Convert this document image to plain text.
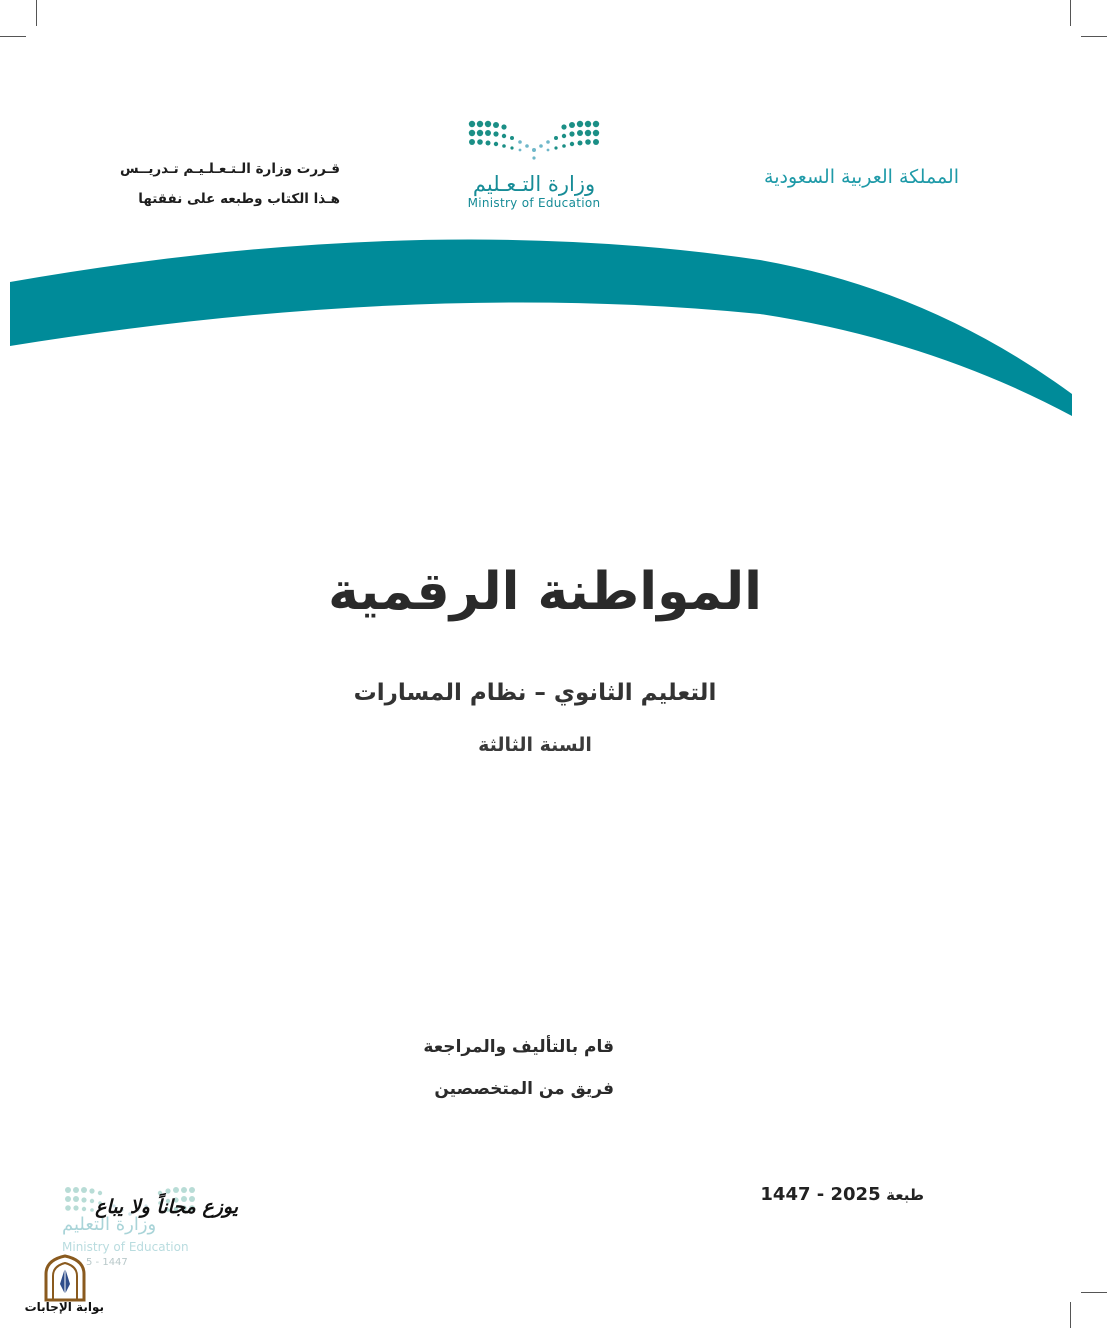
المملكة العربية السعودية
قـررت وزارة الـتـعـلـيـم تـدريــس
هـذا الكتاب وطبعه على نفقتها
وزارة التـعـليم
Ministry of Education
المواطنة الرقمية
التعليم الثانوي – نظام المسارات
السنة الثالثة
قام بالتأليف والمراجعة
فريق من المتخصصين
طبعة 1447 - 2025
وزارة التعليم
Ministry of Education
5 - 1447
يوزع مجاناً ولا يباع
بوابة الإجابات
